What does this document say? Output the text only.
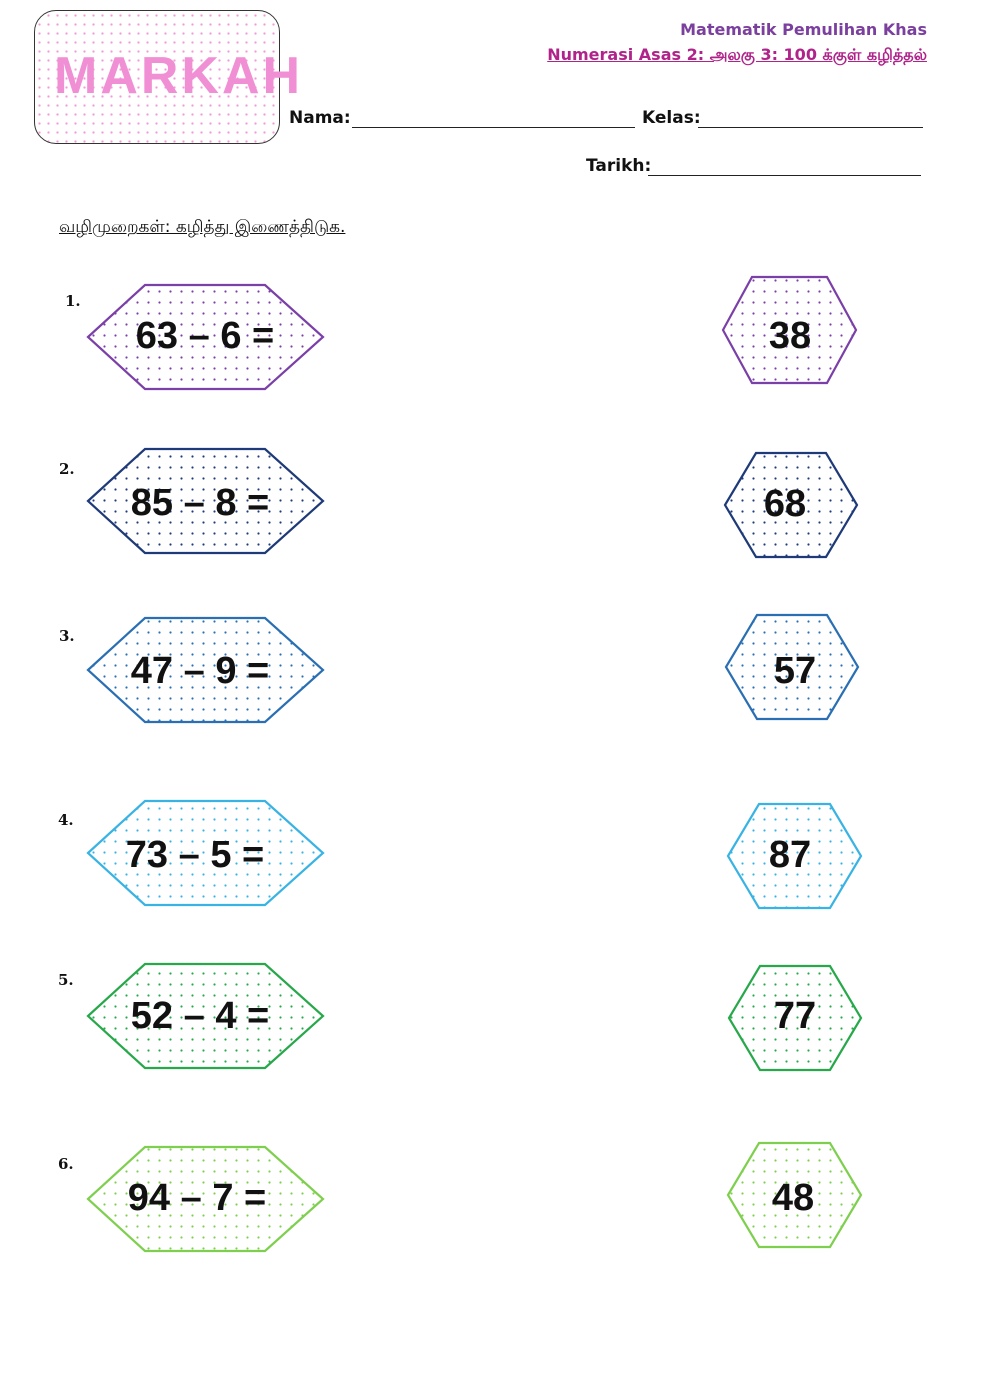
MARKAH
Matematik Pemulihan Khas
Numerasi Asas 2: அலகு 3: 100 க்குள் கழித்தல்
Nama:	Kelas:
Tarikh:
வழிமுறைகள்: கழித்து இணைத்திடுக.
1.
2.
3.
4.
5.
6.
63 – 6 =
85 – 8 =
47 – 9 =
73 – 5 =
52 – 4 =
94 – 7 =
38
68
57
87
77
48
